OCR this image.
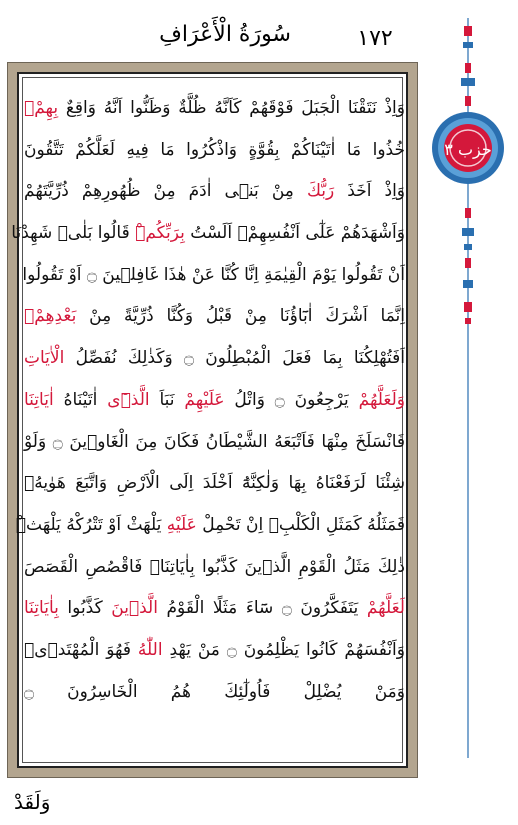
١٧٢
سُورَةُ الْأَعْرَافِ
وَاِذْ نَتَقْنَا الْجَبَلَ فَوْقَهُمْ كَاَنَّهُ ظُلَّةٌ وَظَنُّوا اَنَّهُ وَاقِعٌ بِهِمْۚ
خُذُوا مَا اٰتَيْنَاكُمْ بِقُوَّةٍ وَاذْكُرُوا مَا فِيهِ لَعَلَّكُمْ تَتَّقُونَ
وَاِذْ اَخَذَ رَبُّكَ مِنْ بَنٖى اٰدَمَ مِنْ ظُهُورِهِمْ ذُرِّيَّتَهُمْ
وَاَشْهَدَهُمْ عَلٰٓى اَنْفُسِهِمْۚ اَلَسْتُ بِرَبِّكُمْۜ قَالُوا بَلٰىۚ شَهِدْنَا
اَنْ تَقُولُوا يَوْمَ الْقِيٰمَةِ اِنَّا كُنَّا عَنْ هٰذَا غَافِلٖينَ ۝ اَوْ تَقُولُوا
اِنَّمَا اَشْرَكَ اٰبَٓاؤُنَا مِنْ قَبْلُ وَكُنَّا ذُرِّيَّةً مِنْ بَعْدِهِمْۚ
اَفَتُهْلِكُنَا بِمَا فَعَلَ الْمُبْطِلُونَ ۝ وَكَذٰلِكَ نُفَصِّلُ الْاٰيَاتِ
وَلَعَلَّهُمْ يَرْجِعُونَ ۝ وَاتْلُ عَلَيْهِمْ نَبَاَ الَّذٖٓى اٰتَيْنَاهُ اٰيَاتِنَا
فَانْسَلَخَ مِنْهَا فَاَتْبَعَهُ الشَّيْطَانُ فَكَانَ مِنَ الْغَاوٖينَ ۝ وَلَوْ
شِئْنَا لَرَفَعْنَاهُ بِهَا وَلٰكِنَّهُٓ اَخْلَدَ اِلَى الْاَرْضِ وَاتَّبَعَ هَوٰيهُۚ
فَمَثَلُهُ كَمَثَلِ الْكَلْبِۚ اِنْ تَحْمِلْ عَلَيْهِ يَلْهَثْ اَوْ تَتْرُكْهُ يَلْهَثْۜ
ذٰلِكَ مَثَلُ الْقَوْمِ الَّذٖينَ كَذَّبُوا بِاٰيَاتِنَاۚ فَاقْصُصِ الْقَصَصَ
لَعَلَّهُمْ يَتَفَكَّرُونَ ۝ سَٓاءَ مَثَلًا الْقَوْمُ الَّذٖينَ كَذَّبُوا بِاٰيَاتِنَا
وَاَنْفُسَهُمْ كَانُوا يَظْلِمُونَ ۝ مَنْ يَهْدِ اللّٰهُ فَهُوَ الْمُهْتَدٖىۚ
وَمَنْ يُضْلِلْ فَاُولٰٓئِكَ هُمُ الْخَاسِرُونَ ۝
حزب ٣
وَلَقَدْ
